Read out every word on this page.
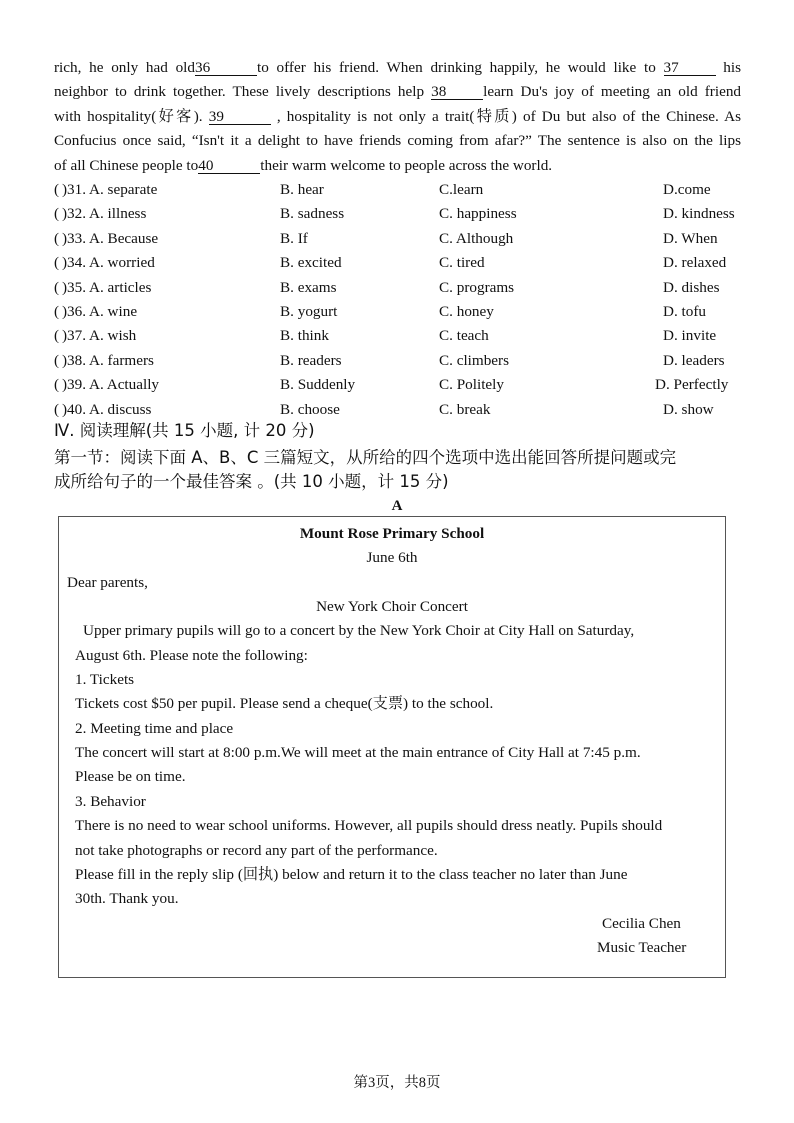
rich, he only had old36	to offer his friend. When drinking happily, he would like to 37	his
neighbor to drink together. These lively descriptions help 38 learn Du's joy of meeting an old friend
with hospitality(好客). 39	, hospitality is not only a trait(特质) of Du but also of the Chinese. As
Confucius once said, “Isn't it a delight to have friends coming from afar?” The sentence is also on the lips
of all Chinese people to40	their warm welcome to people across the world.
( )31. A. separate	B. hear	C.learn	D.come
( )32. A. illness	B. sadness	C. happiness	D. kindness
( )33. A. Because	B. If	C. Although	D. When
( )34. A. worried	B. excited	C. tired	D. relaxed
( )35. A. articles	B. exams	C. programs	D. dishes
( )36. A. wine	B. yogurt	C. honey	D. tofu
( )37. A. wish	B. think	C. teach	D. invite
( )38. A. farmers	B. readers	C. climbers	D. leaders
( )39. A. Actually	B. Suddenly	C. Politely	D. Perfectly
( )40. A. discuss	B. choose	C. break	D. show
Ⅳ. 阅读理解(共 15 小题, 计 20 分)
第一节：阅读下面 A、B、C 三篇短文，从所给的四个选项中选出能回答所提问题或完
成所给句子的一个最佳答案 。(共 10 小题，计 15 分)
A
Mount Rose Primary School
June 6th
Dear parents,
New York Choir Concert
Upper primary pupils will go to a concert by the New York Choir at City Hall on Saturday,
August 6th. Please note the following:
1. Tickets
Tickets cost $50 per pupil. Please send a cheque(支票) to the school.
2. Meeting time and place
The concert will start at 8:00 p.m.We will meet at the main entrance of City Hall at 7:45 p.m.
Please be on time.
3. Behavior
There is no need to wear school uniforms. However, all pupils should dress neatly. Pupils should
not take photographs or record any part of the performance.
Please fill in the reply slip (回执) below and return it to the class teacher no later than June
30th. Thank you.
Cecilia Chen
Music Teacher
第3页，共8页
